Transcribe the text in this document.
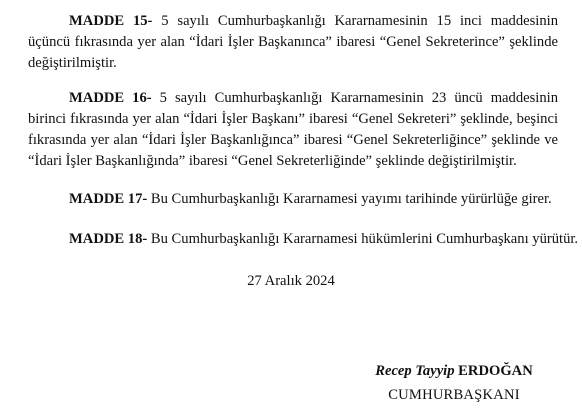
MADDE 15- 5 sayılı Cumhurbaşkanlığı Kararnamesinin 15 inci maddesinin üçüncü fıkrasında yer alan “İdari İşler Başkanınca” ibaresi “Genel Sekreterince” şeklinde değiştirilmiştir.

MADDE 16- 5 sayılı Cumhurbaşkanlığı Kararnamesinin 23 üncü maddesinin birinci fıkrasında yer alan “İdari İşler Başkanı” ibaresi “Genel Sekreteri” şeklinde, beşinci fıkrasında yer alan “İdari İşler Başkanlığınca” ibaresi “Genel Sekreterliğince” şeklinde ve “İdari İşler Başkanlığında” ibaresi “Genel Sekreterliğinde” şeklinde değiştirilmiştir.

MADDE 17- Bu Cumhurbaşkanlığı Kararnamesi yayımı tarihinde yürürlüğe girer.

MADDE 18- Bu Cumhurbaşkanlığı Kararnamesi hükümlerini Cumhurbaşkanı yürütür.

27 Aralık 2024
Recep Tayyip ERDOĞAN
CUMHURBAŞKANI
